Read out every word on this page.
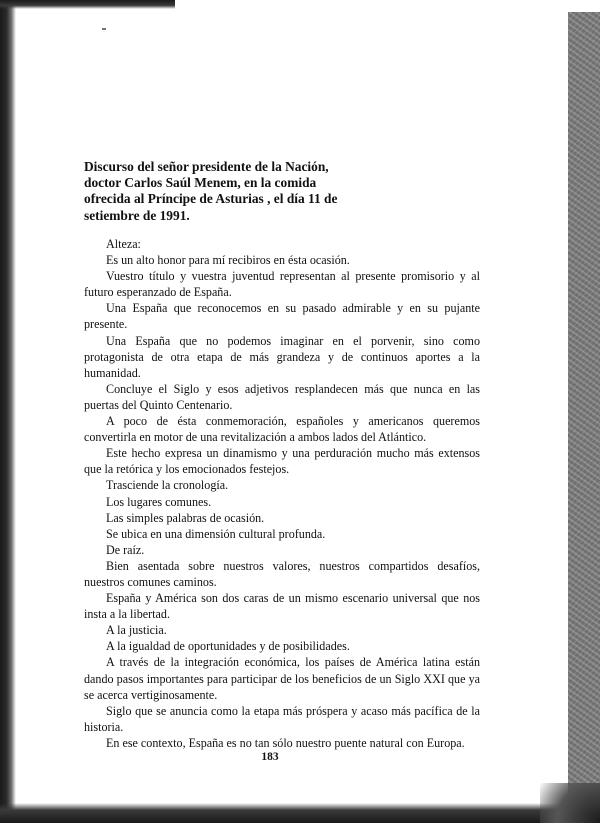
Discurso del señor presidente de la Nación,
doctor Carlos Saúl Menem, en la comida
ofrecida al Príncipe de Asturias , el día 11 de
setiembre de 1991.

Alteza:

Es un alto honor para mí recibiros en ésta ocasión.

Vuestro título y vuestra juventud representan al presente promisorio y al futuro esperanzado de España.

Una España que reconocemos en su pasado admirable y en su pujante presente.

Una España que no podemos imaginar en el porvenir, sino como protagonista de otra etapa de más grandeza y de continuos aportes a la humanidad.

Concluye el Siglo y esos adjetivos resplandecen más que nunca en las puertas del Quinto Centenario.

A poco de ésta conmemoración, españoles y americanos queremos convertirla en motor de una revitalización a ambos lados del Atlántico.

Este hecho expresa un dinamismo y una perduración mucho más extensos que la retórica y los emocionados festejos.

Trasciende la cronología.

Los lugares comunes.

Las simples palabras de ocasión.

Se ubica en una dimensión cultural profunda.

De raíz.

Bien asentada sobre nuestros valores, nuestros compartidos desafíos, nuestros comunes caminos.

España y América son dos caras de un mismo escenario universal que nos insta a la libertad.

A la justicia.

A la igualdad de oportunidades y de posibilidades.

A través de la integración económica, los países de América latina están dando pasos importantes para participar de los beneficios de un Siglo XXI que ya se acerca vertiginosamente.

Siglo que se anuncia como la etapa más próspera y acaso más pacífica de la historia.

En ese contexto, España es no tan sólo nuestro puente natural con Europa.

183
